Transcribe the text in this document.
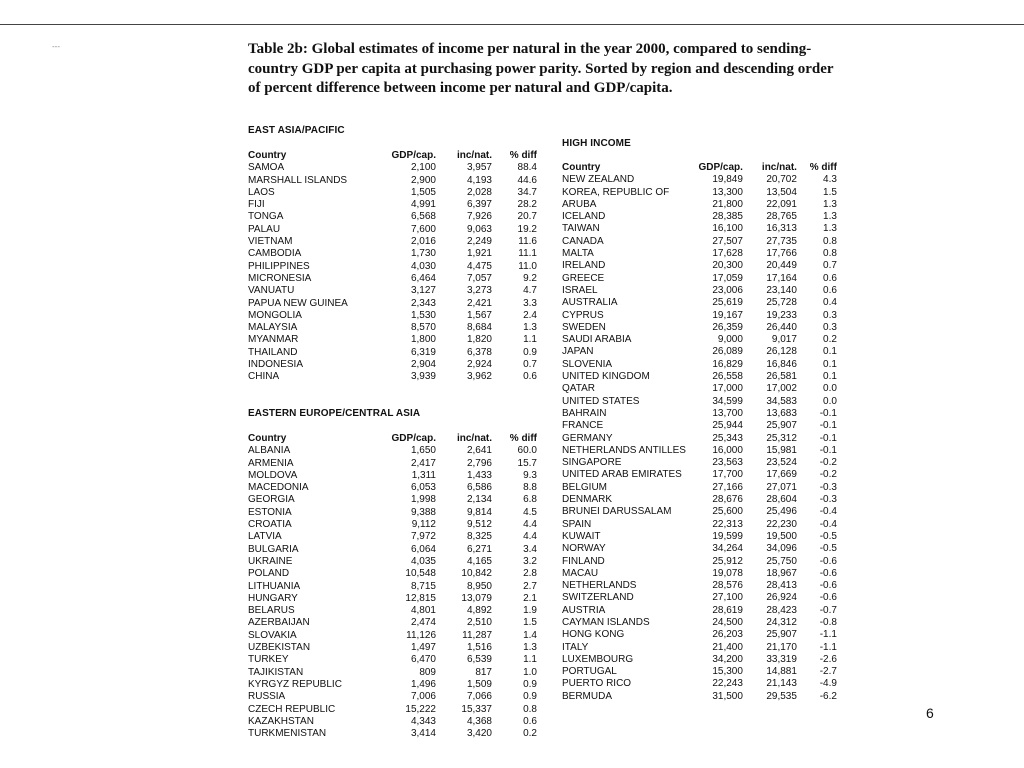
---	Table 2b: Global estimates of income per natural in the year 2000, compared to sending-country GDP per capita at purchasing power parity. Sorted by region and descending order of percent difference between income per natural and GDP/capita.

EAST ASIA/PACIFIC
Country	GDP/cap.	inc/nat.	% diff
SAMOA	2,100	3,957	88.4
MARSHALL ISLANDS	2,900	4,193	44.6
LAOS	1,505	2,028	34.7
FIJI	4,991	6,397	28.2
TONGA	6,568	7,926	20.7
PALAU	7,600	9,063	19.2
VIETNAM	2,016	2,249	11.6
CAMBODIA	1,730	1,921	11.1
PHILIPPINES	4,030	4,475	11.0
MICRONESIA	6,464	7,057	9.2
VANUATU	3,127	3,273	4.7
PAPUA NEW GUINEA	2,343	2,421	3.3
MONGOLIA	1,530	1,567	2.4
MALAYSIA	8,570	8,684	1.3
MYANMAR	1,800	1,820	1.1
THAILAND	6,319	6,378	0.9
INDONESIA	2,904	2,924	0.7
CHINA	3,939	3,962	0.6
EASTERN EUROPE/CENTRAL ASIA
Country	GDP/cap.	inc/nat.	% diff
ALBANIA	1,650	2,641	60.0
ARMENIA	2,417	2,796	15.7
MOLDOVA	1,311	1,433	9.3
MACEDONIA	6,053	6,586	8.8
GEORGIA	1,998	2,134	6.8
ESTONIA	9,388	9,814	4.5
CROATIA	9,112	9,512	4.4
LATVIA	7,972	8,325	4.4
BULGARIA	6,064	6,271	3.4
UKRAINE	4,035	4,165	3.2
POLAND	10,548	10,842	2.8
LITHUANIA	8,715	8,950	2.7
HUNGARY	12,815	13,079	2.1
BELARUS	4,801	4,892	1.9
AZERBAIJAN	2,474	2,510	1.5
SLOVAKIA	11,126	11,287	1.4
UZBEKISTAN	1,497	1,516	1.3
TURKEY	6,470	6,539	1.1
TAJIKISTAN	809	817	1.0
KYRGYZ REPUBLIC	1,496	1,509	0.9
RUSSIA	7,006	7,066	0.9
CZECH REPUBLIC	15,222	15,337	0.8
KAZAKHSTAN	4,343	4,368	0.6
TURKMENISTAN	3,414	3,420	0.2
HIGH INCOME
Country	GDP/cap.	inc/nat.	% diff
NEW ZEALAND	19,849	20,702	4.3
KOREA, REPUBLIC OF	13,300	13,504	1.5
ARUBA	21,800	22,091	1.3
ICELAND	28,385	28,765	1.3
TAIWAN	16,100	16,313	1.3
CANADA	27,507	27,735	0.8
MALTA	17,628	17,766	0.8
IRELAND	20,300	20,449	0.7
GREECE	17,059	17,164	0.6
ISRAEL	23,006	23,140	0.6
AUSTRALIA	25,619	25,728	0.4
CYPRUS	19,167	19,233	0.3
SWEDEN	26,359	26,440	0.3
SAUDI ARABIA	9,000	9,017	0.2
JAPAN	26,089	26,128	0.1
SLOVENIA	16,829	16,846	0.1
UNITED KINGDOM	26,558	26,581	0.1
QATAR	17,000	17,002	0.0
UNITED STATES	34,599	34,583	0.0
BAHRAIN	13,700	13,683	-0.1
FRANCE	25,944	25,907	-0.1
GERMANY	25,343	25,312	-0.1
NETHERLANDS ANTILLES	16,000	15,981	-0.1
SINGAPORE	23,563	23,524	-0.2
UNITED ARAB EMIRATES	17,700	17,669	-0.2
BELGIUM	27,166	27,071	-0.3
DENMARK	28,676	28,604	-0.3
BRUNEI DARUSSALAM	25,600	25,496	-0.4
SPAIN	22,313	22,230	-0.4
KUWAIT	19,599	19,500	-0.5
NORWAY	34,264	34,096	-0.5
FINLAND	25,912	25,750	-0.6
MACAU	19,078	18,967	-0.6
NETHERLANDS	28,576	28,413	-0.6
SWITZERLAND	27,100	26,924	-0.6
AUSTRIA	28,619	28,423	-0.7
CAYMAN ISLANDS	24,500	24,312	-0.8
HONG KONG	26,203	25,907	-1.1
ITALY	21,400	21,170	-1.1
LUXEMBOURG	34,200	33,319	-2.6
PORTUGAL	15,300	14,881	-2.7
PUERTO RICO	22,243	21,143	-4.9
BERMUDA	31,500	29,535	-6.2
6
